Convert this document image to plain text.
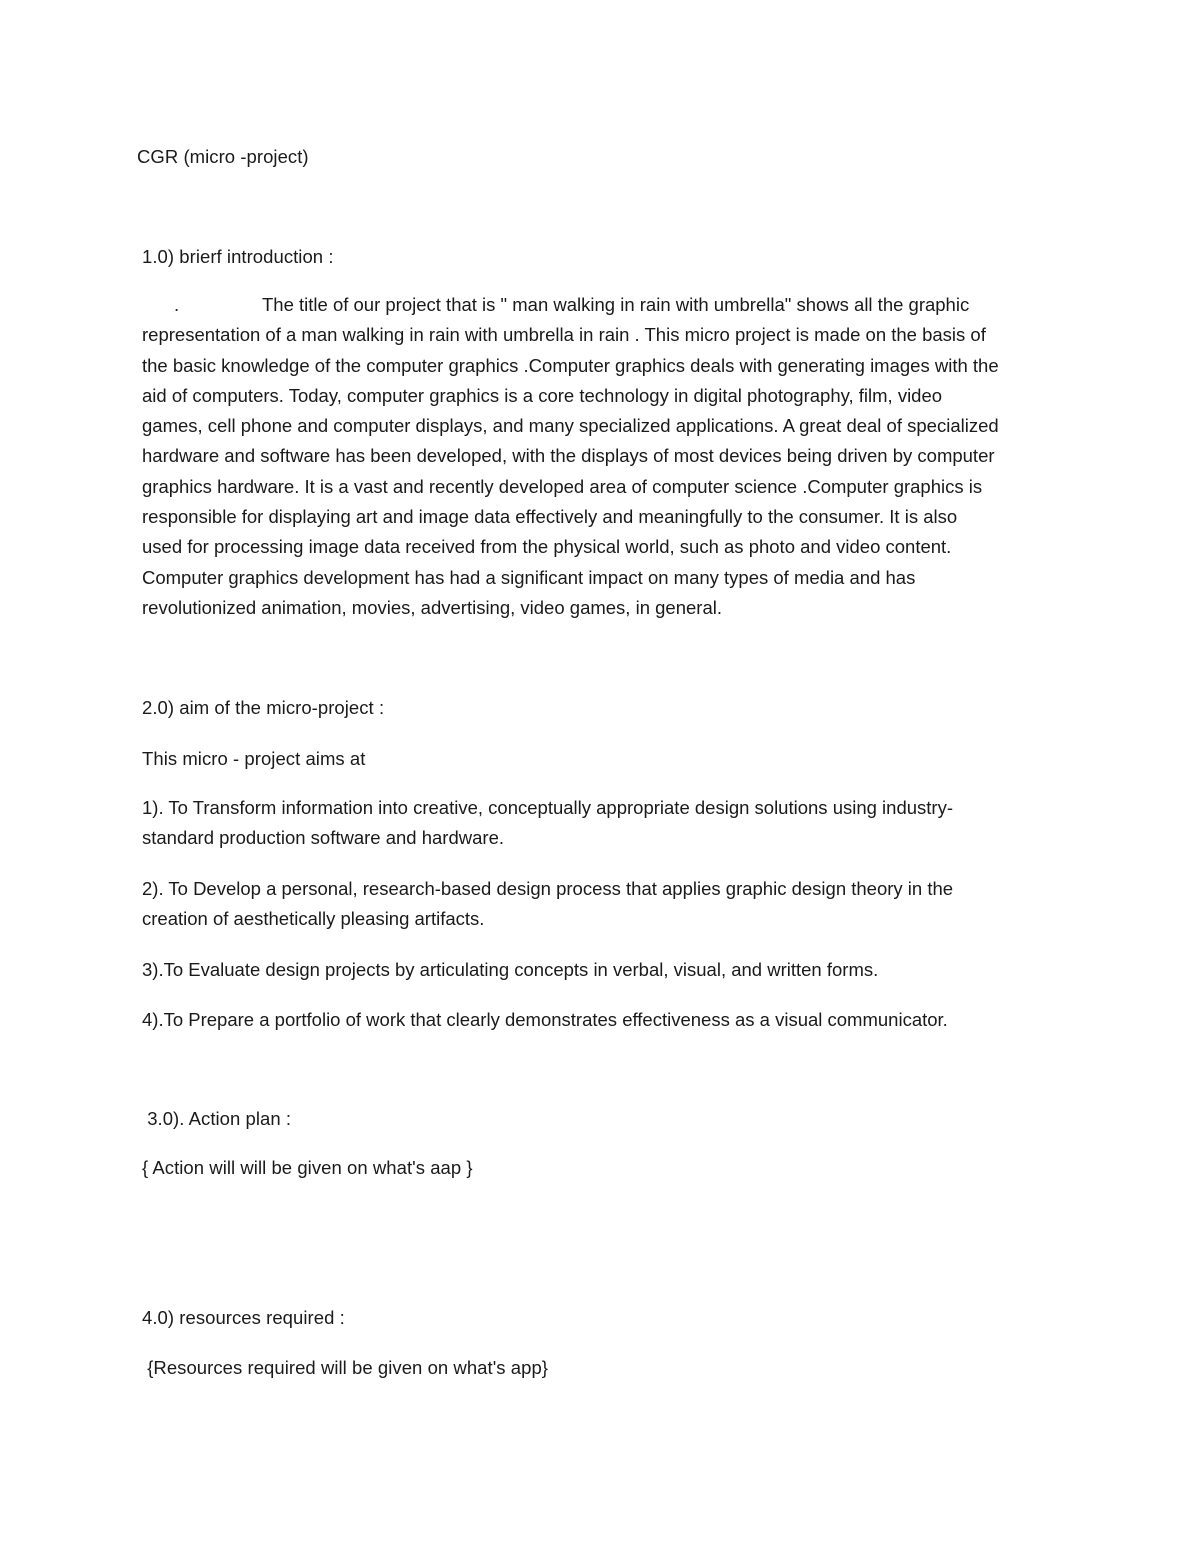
CGR (micro -project)
1.0) brierf introduction :
.	The title of our project that is " man walking in rain with umbrella" shows all the graphic
representation of a man walking in rain with umbrella in rain . This micro project is made on the basis of
the basic knowledge of the computer graphics .Computer graphics deals with generating images with the
aid of computers. Today, computer graphics is a core technology in digital photography, film, video
games, cell phone and computer displays, and many specialized applications. A great deal of specialized
hardware and software has been developed, with the displays of most devices being driven by computer
graphics hardware. It is a vast and recently developed area of computer science .Computer graphics is
responsible for displaying art and image data effectively and meaningfully to the consumer. It is also
used for processing image data received from the physical world, such as photo and video content.
Computer graphics development has had a significant impact on many types of media and has
revolutionized animation, movies, advertising, video games, in general.
2.0) aim of the micro-project :
This micro - project aims at
1). To Transform information into creative, conceptually appropriate design solutions using industry-
standard production software and hardware.
2). To Develop a personal, research-based design process that applies graphic design theory in the
creation of aesthetically pleasing artifacts.
3).To Evaluate design projects by articulating concepts in verbal, visual, and written forms.
4).To Prepare a portfolio of work that clearly demonstrates effectiveness as a visual communicator.
3.0). Action plan :
{ Action will will be given on what's aap }
4.0) resources required :
{Resources required will be given on what's app}
